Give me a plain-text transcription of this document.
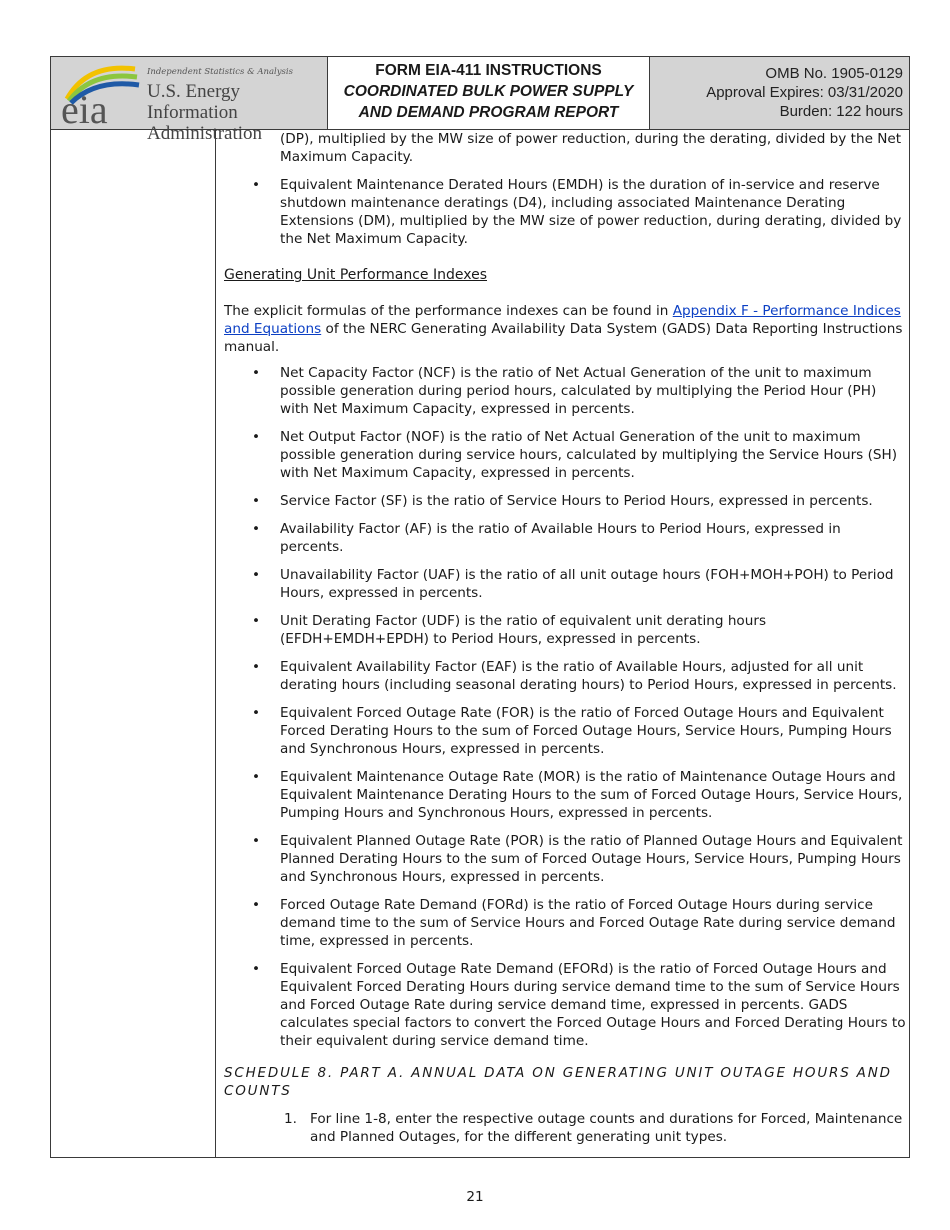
eia
Independent Statistics & Analysis
U.S. Energy Information
Administration
FORM EIA-411 INSTRUCTIONS
COORDINATED BULK POWER SUPPLY
AND DEMAND PROGRAM REPORT
OMB No. 1905-0129
Approval Expires: 03/31/2020
Burden: 122 hours
(DP), multiplied by the MW size of power reduction, during the derating, divided by the Net Maximum Capacity.
• Equivalent Maintenance Derated Hours (EMDH) is the duration of in-service and reserve shutdown maintenance deratings (D4), including associated Maintenance Derating Extensions (DM), multiplied by the MW size of power reduction, during derating, divided by the Net Maximum Capacity.
Generating Unit Performance Indexes

The explicit formulas of the performance indexes can be found in Appendix F - Performance Indices and Equations of the NERC Generating Availability Data System (GADS) Data Reporting Instructions manual.

• Net Capacity Factor (NCF) is the ratio of Net Actual Generation of the unit to maximum possible generation during period hours, calculated by multiplying the Period Hour (PH) with Net Maximum Capacity, expressed in percents.
• Net Output Factor (NOF) is the ratio of Net Actual Generation of the unit to maximum possible generation during service hours, calculated by multiplying the Service Hours (SH) with Net Maximum Capacity, expressed in percents.
• Service Factor (SF) is the ratio of Service Hours to Period Hours, expressed in percents.
• Availability Factor (AF) is the ratio of Available Hours to Period Hours, expressed in percents.
• Unavailability Factor (UAF) is the ratio of all unit outage hours (FOH+MOH+POH) to Period Hours, expressed in percents.
• Unit Derating Factor (UDF) is the ratio of equivalent unit derating hours (EFDH+EMDH+EPDH) to Period Hours, expressed in percents.
• Equivalent Availability Factor (EAF) is the ratio of Available Hours, adjusted for all unit derating hours (including seasonal derating hours) to Period Hours, expressed in percents.
• Equivalent Forced Outage Rate (FOR) is the ratio of Forced Outage Hours and Equivalent Forced Derating Hours to the sum of Forced Outage Hours, Service Hours, Pumping Hours and Synchronous Hours, expressed in percents.
• Equivalent Maintenance Outage Rate (MOR) is the ratio of Maintenance Outage Hours and Equivalent Maintenance Derating Hours to the sum of Forced Outage Hours, Service Hours, Pumping Hours and Synchronous Hours, expressed in percents.
• Equivalent Planned Outage Rate (POR) is the ratio of Planned Outage Hours and Equivalent Planned Derating Hours to the sum of Forced Outage Hours, Service Hours, Pumping Hours and Synchronous Hours, expressed in percents.
• Forced Outage Rate Demand (FORd) is the ratio of Forced Outage Hours during service demand time to the sum of Service Hours and Forced Outage Rate during service demand time, expressed in percents.
• Equivalent Forced Outage Rate Demand (EFORd) is the ratio of Forced Outage Hours and Equivalent Forced Derating Hours during service demand time to the sum of Service Hours and Forced Outage Rate during service demand time, expressed in percents. GADS calculates special factors to convert the Forced Outage Hours and Forced Derating Hours to their equivalent during service demand time.
SCHEDULE 8. PART A. ANNUAL DATA ON GENERATING UNIT OUTAGE HOURS AND COUNTS
1. For line 1-8, enter the respective outage counts and durations for Forced, Maintenance and Planned Outages, for the different generating unit types.
21
